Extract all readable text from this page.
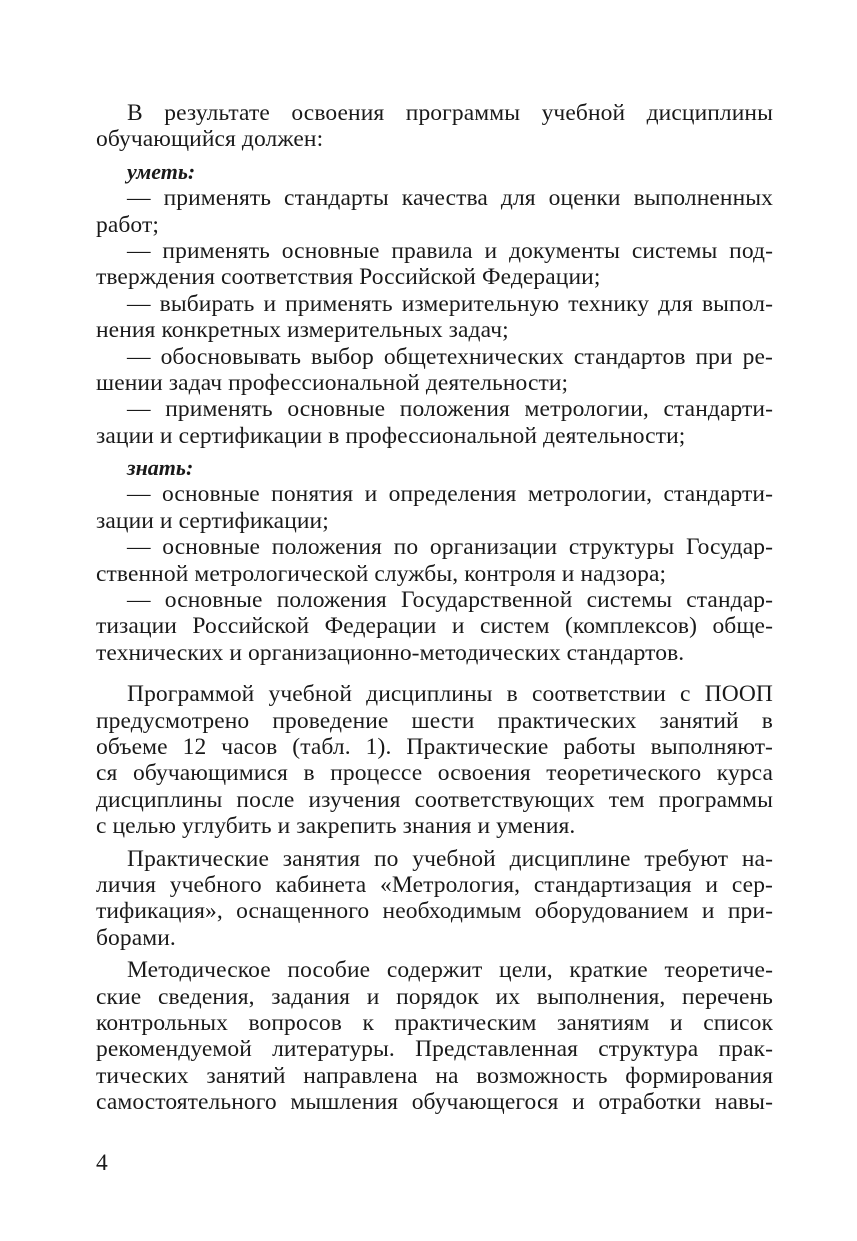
В результате освоения программы учебной дисциплины
обучающийся должен:
уметь:
— применять стандарты качества для оценки выполненных
работ;
— применять основные правила и документы системы под-
тверждения соответствия Российской Федерации;
— выбирать и применять измерительную технику для выпол-
нения конкретных измерительных задач;
— обосновывать выбор общетехнических стандартов при ре-
шении задач профессиональной деятельности;
— применять основные положения метрологии, стандарти-
зации и сертификации в профессиональной деятельности;
знать:
— основные понятия и определения метрологии, стандарти-
зации и сертификации;
— основные положения по организации структуры Государ-
ственной метрологической службы, контроля и надзора;
— основные положения Государственной системы стандар-
тизации Российской Федерации и систем (комплексов) обще-
технических и организационно-методических стандартов.
Программой учебной дисциплины в соответствии с ПООП
предусмотрено проведение шести практических занятий в
объеме 12 часов (табл. 1). Практические работы выполняют-
ся обучающимися в процессе освоения теоретического курса
дисциплины после изучения соответствующих тем программы
с целью углубить и закрепить знания и умения.
Практические занятия по учебной дисциплине требуют на-
личия учебного кабинета «Метрология, стандартизация и сер-
тификация», оснащенного необходимым оборудованием и при-
борами.
Методическое пособие содержит цели, краткие теоретиче-
ские сведения, задания и порядок их выполнения, перечень
контрольных вопросов к практическим занятиям и список
рекомендуемой литературы. Представленная структура прак-
тических занятий направлена на возможность формирования
самостоятельного мышления обучающегося и отработки навы-
4
